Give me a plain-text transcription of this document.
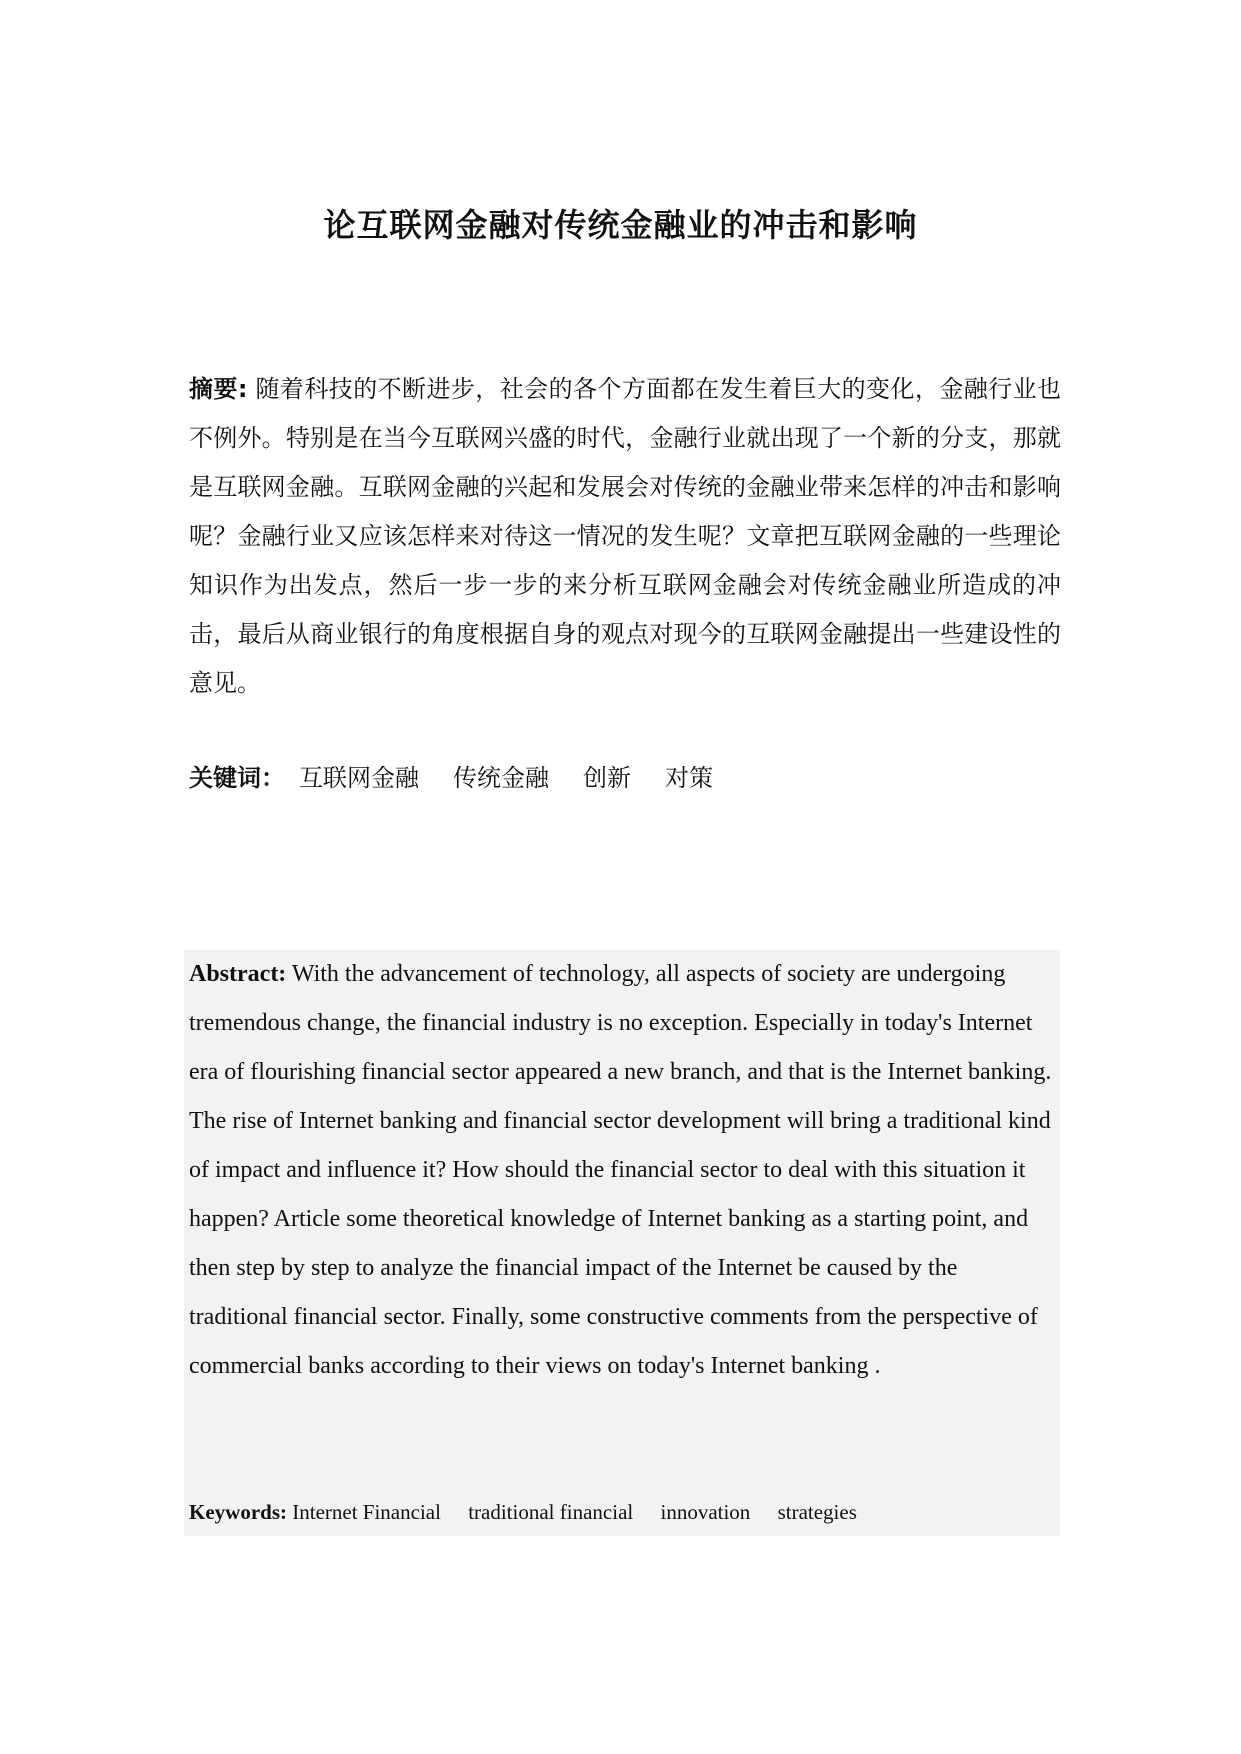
论互联网金融对传统金融业的冲击和影响
摘要: 随着科技的不断进步，社会的各个方面都在发生着巨大的变化，金融行业也不例外。特别是在当今互联网兴盛的时代，金融行业就出现了一个新的分支，那就是互联网金融。互联网金融的兴起和发展会对传统的金融业带来怎样的冲击和影响呢？金融行业又应该怎样来对待这一情况的发生呢？文章把互联网金融的一些理论知识作为出发点，然后一步一步的来分析互联网金融会对传统金融业所造成的冲击，最后从商业银行的角度根据自身的观点对现今的互联网金融提出一些建设性的意见。
关键词： 互联网金融 传统金融 创新 对策
Abstract: With the advancement of technology, all aspects of society are undergoing tremendous change, the financial industry is no exception. Especially in today's Internet era of flourishing financial sector appeared a new branch, and that is the Internet banking. The rise of Internet banking and financial sector development will bring a traditional kind of impact and influence it? How should the financial sector to deal with this situation it happen? Article some theoretical knowledge of Internet banking as a starting point, and then step by step to analyze the financial impact of the Internet be caused by the traditional financial sector. Finally, some constructive comments from the perspective of commercial banks according to their views on today's Internet banking .
Keywords: Internet Financial traditional financial innovation strategies
